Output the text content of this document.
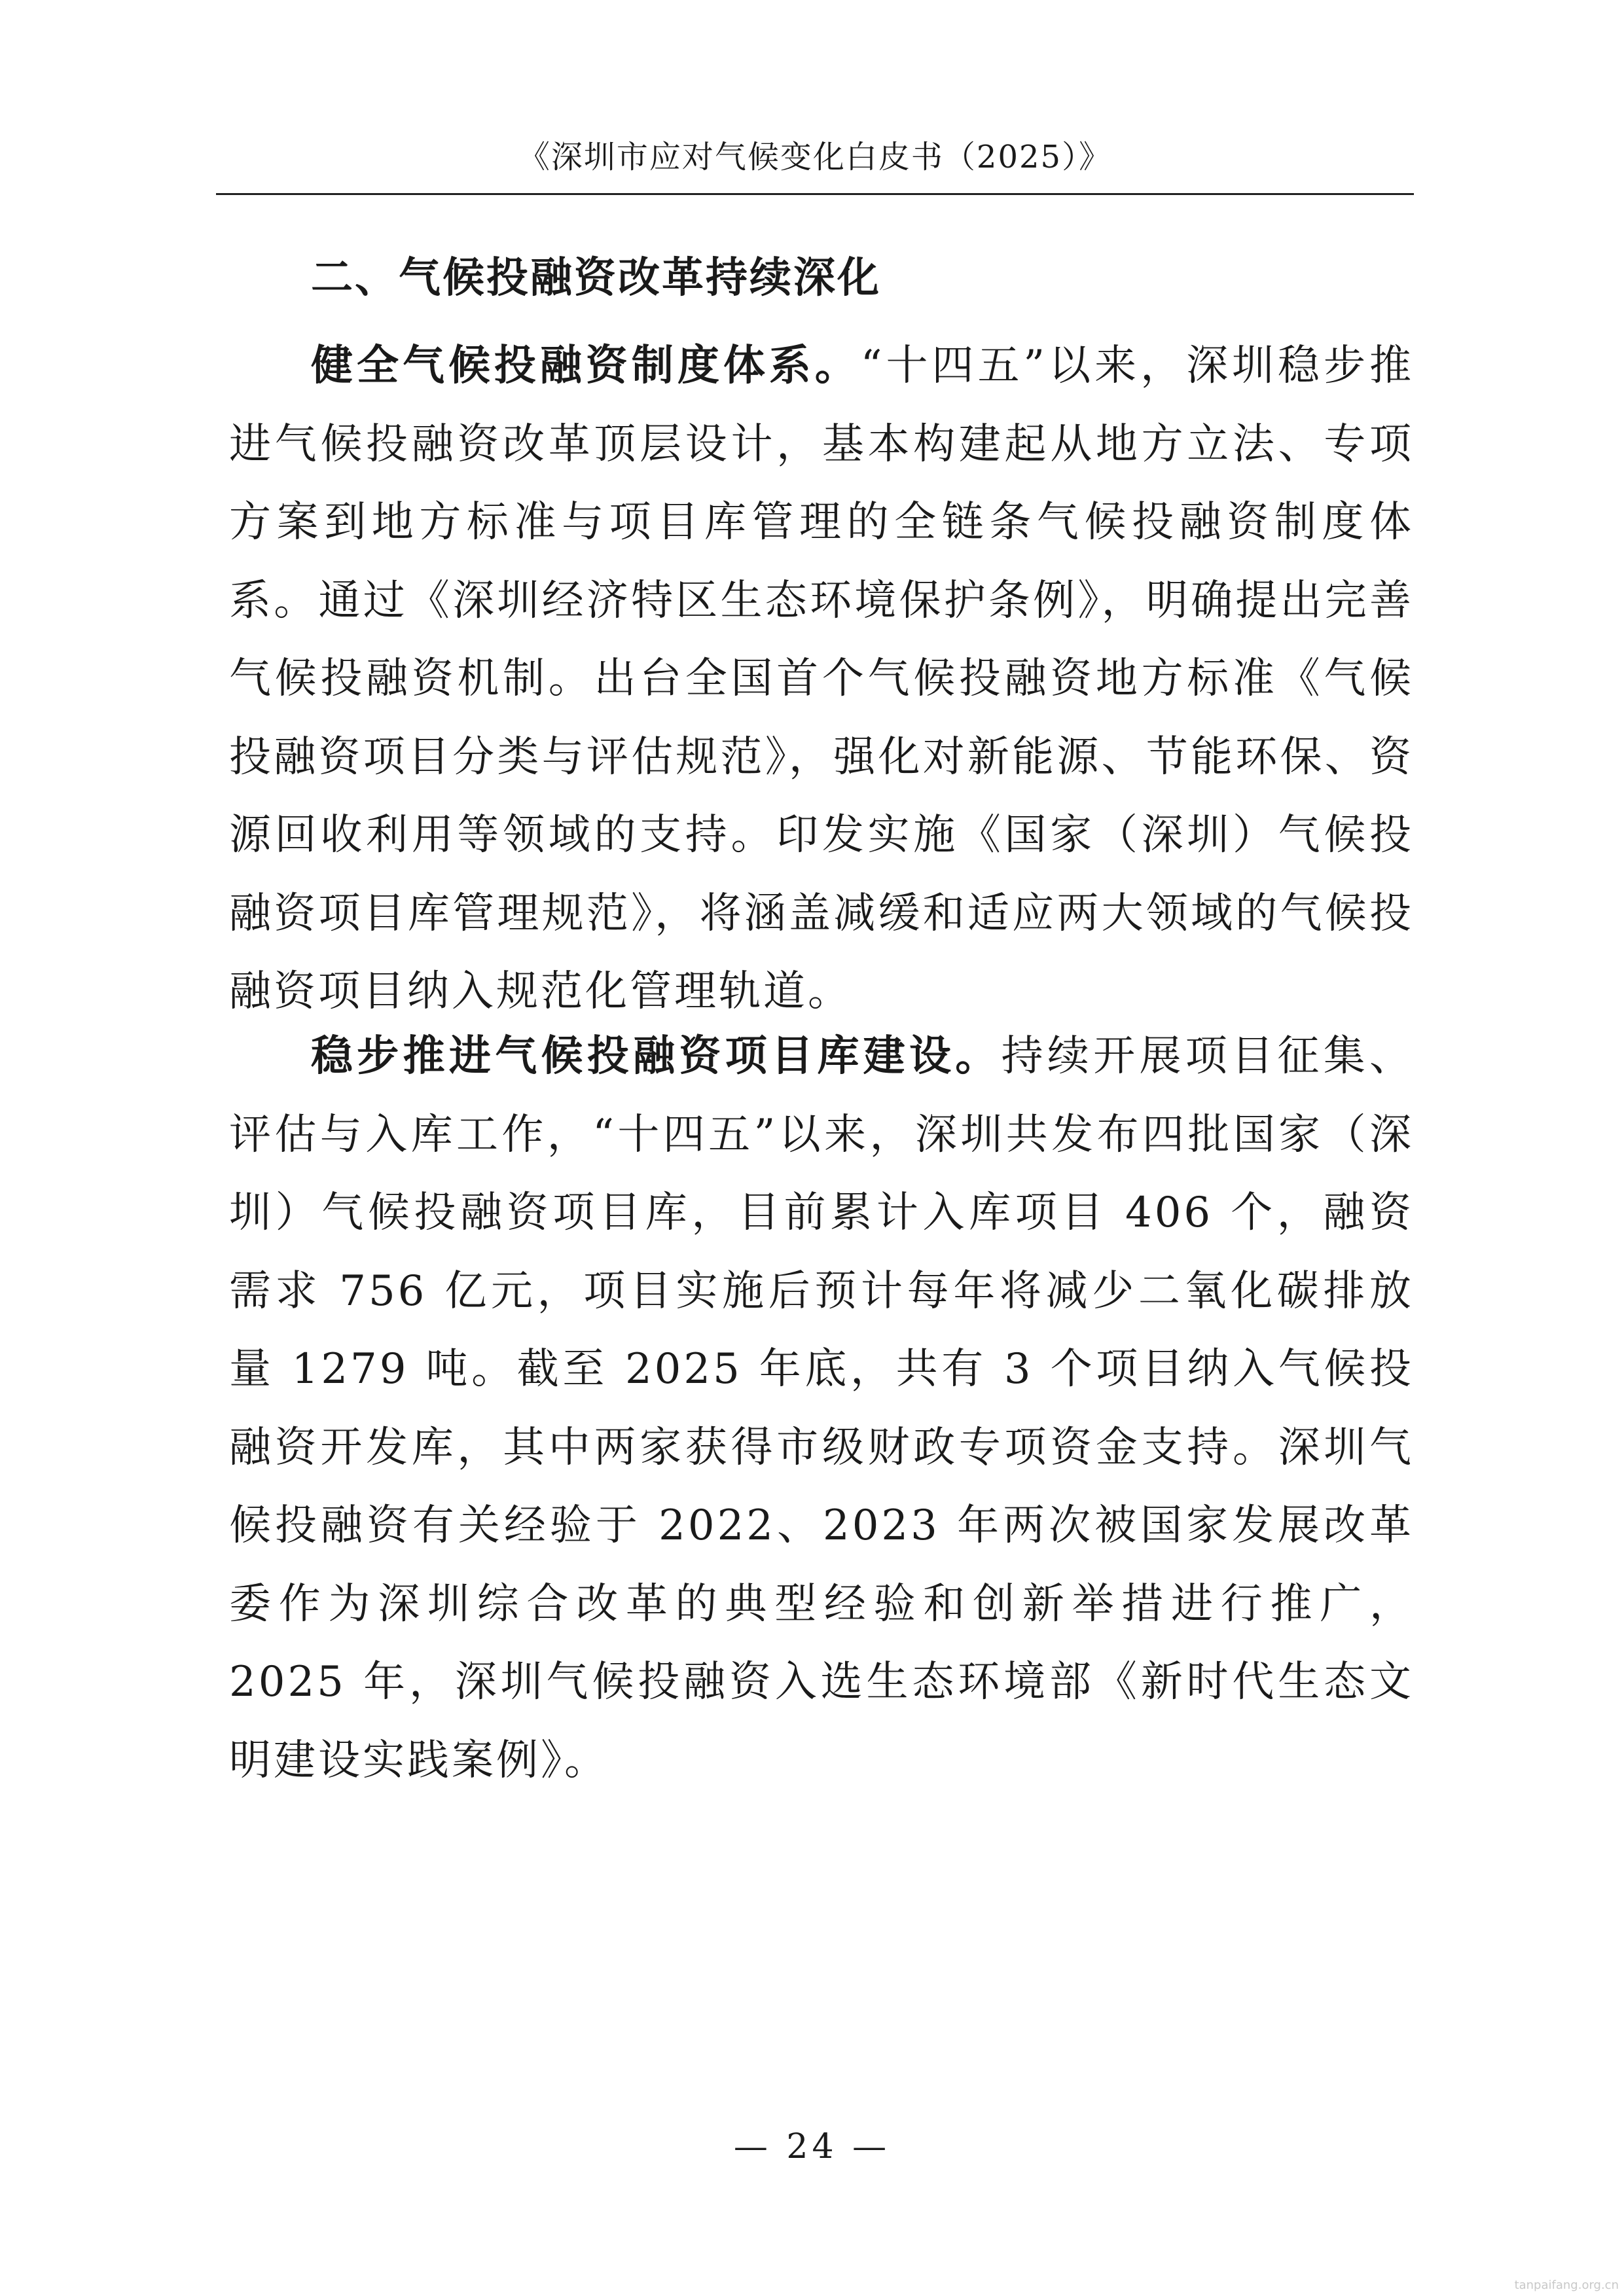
《深圳市应对气候变化白皮书（2025）》
二、气候投融资改革持续深化

健全气候投融资制度体系。“十四五”以来，深圳稳步推进气候投融资改革顶层设计，基本构建起从地方立法、专项方案到地方标准与项目库管理的全链条气候投融资制度体系。通过《深圳经济特区生态环境保护条例》，明确提出完善气候投融资机制。出台全国首个气候投融资地方标准《气候投融资项目分类与评估规范》，强化对新能源、节能环保、资源回收利用等领域的支持。印发实施《国家（深圳）气候投融资项目库管理规范》，将涵盖减缓和适应两大领域的气候投融资项目纳入规范化管理轨道。

稳步推进气候投融资项目库建设。持续开展项目征集、评估与入库工作，“十四五”以来，深圳共发布四批国家（深圳）气候投融资项目库，目前累计入库项目 406 个，融资需求 756 亿元，项目实施后预计每年将减少二氧化碳排放量 1279 吨。截至 2025 年底，共有 3 个项目纳入气候投融资开发库，其中两家获得市级财政专项资金支持。深圳气候投融资有关经验于 2022、2023 年两次被国家发展改革委作为深圳综合改革的典型经验和创新举措进行推广，2025 年，深圳气候投融资入选生态环境部《新时代生态文明建设实践案例》。

— 24 —
tanpaifang.org.cn
